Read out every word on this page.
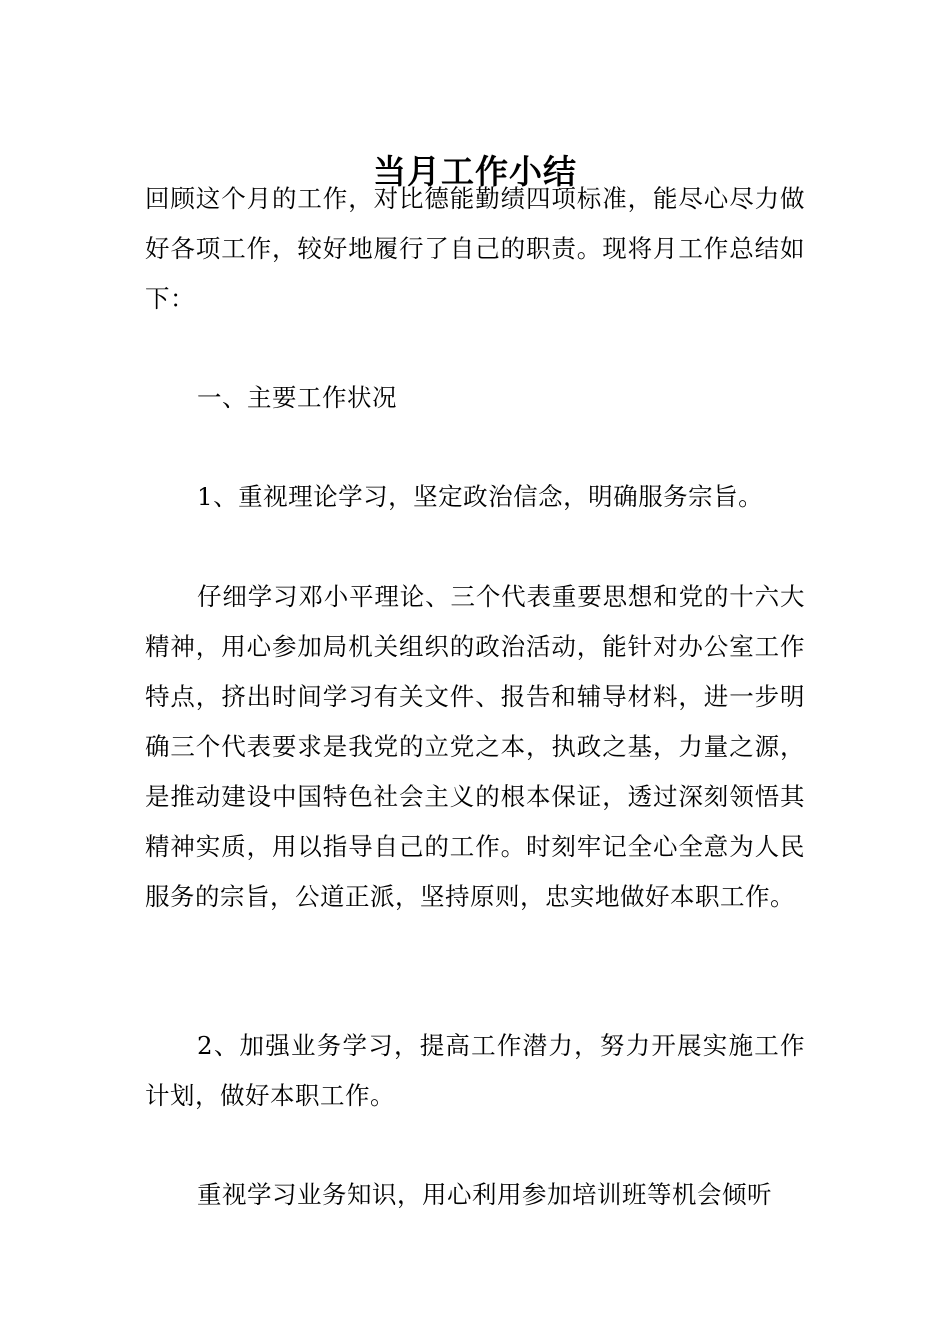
当月工作小结

回顾这个月的工作，对比德能勤绩四项标准，能尽心尽力做好各项工作，较好地履行了自己的职责。现将月工作总结如下：

一、主要工作状况

1、重视理论学习，坚定政治信念，明确服务宗旨。

仔细学习邓小平理论、三个代表重要思想和党的十六大精神，用心参加局机关组织的政治活动，能针对办公室工作特点，挤出时间学习有关文件、报告和辅导材料，进一步明确三个代表要求是我党的立党之本，执政之基，力量之源，是推动建设中国特色社会主义的根本保证，透过深刻领悟其精神实质，用以指导自己的工作。时刻牢记全心全意为人民服务的宗旨，公道正派，坚持原则，忠实地做好本职工作。

2、加强业务学习，提高工作潜力，努力开展实施工作计划，做好本职工作。

重视学习业务知识，用心利用参加培训班等机会倾听
